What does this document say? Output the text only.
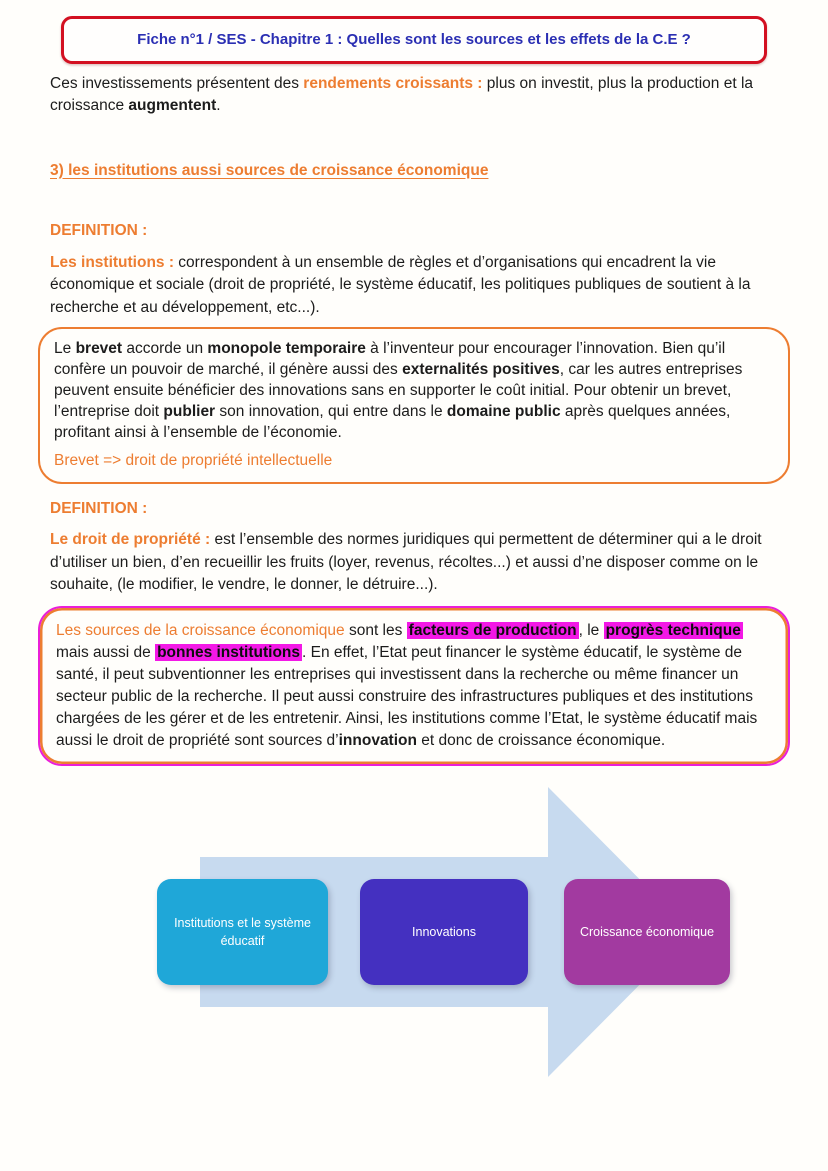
Fiche n°1 / SES - Chapitre 1 : Quelles sont les sources et les effets de la C.E ?

Ces investissements présentent des rendements croissants : plus on investit, plus la production et la croissance augmentent.

3) les institutions aussi sources de croissance économique
DEFINITION :

Les institutions : correspondent à un ensemble de règles et d’organisations qui encadrent la vie économique et sociale (droit de propriété, le système éducatif, les politiques publiques de soutient à la recherche et au développement, etc...).

Le brevet accorde un monopole temporaire à l’inventeur pour encourager l’innovation. Bien qu’il confère un pouvoir de marché, il génère aussi des externalités positives, car les autres entreprises peuvent ensuite bénéficier des innovations sans en supporter le coût initial. Pour obtenir un brevet, l’entreprise doit publier son innovation, qui entre dans le domaine public après quelques années, profitant ainsi à l’ensemble de l’économie.
Brevet => droit de propriété intellectuelle
DEFINITION :

Le droit de propriété : est l’ensemble des normes juridiques qui permettent de déterminer qui a le droit d’utiliser un bien, d’en recueillir les fruits (loyer, revenus, récoltes...) et aussi d’ne disposer comme on le souhaite, (le modifier, le vendre, le donner, le détruire...).

Les sources de la croissance économique sont les facteurs de production , le progrès technique mais aussi de bonnes institutions . En effet, l’Etat peut financer le système éducatif, le système de santé, il peut subventionner les entreprises qui investissent dans la recherche ou même financer un secteur public de la recherche. Il peut aussi construire des infrastructures publiques et des institutions chargées de les gérer et de les entretenir. Ainsi, les institutions comme l’Etat, le système éducatif mais aussi le droit de propriété sont sources d’innovation et donc de croissance économique.
Institutions et le système éducatif
Innovations	Croissance économique
